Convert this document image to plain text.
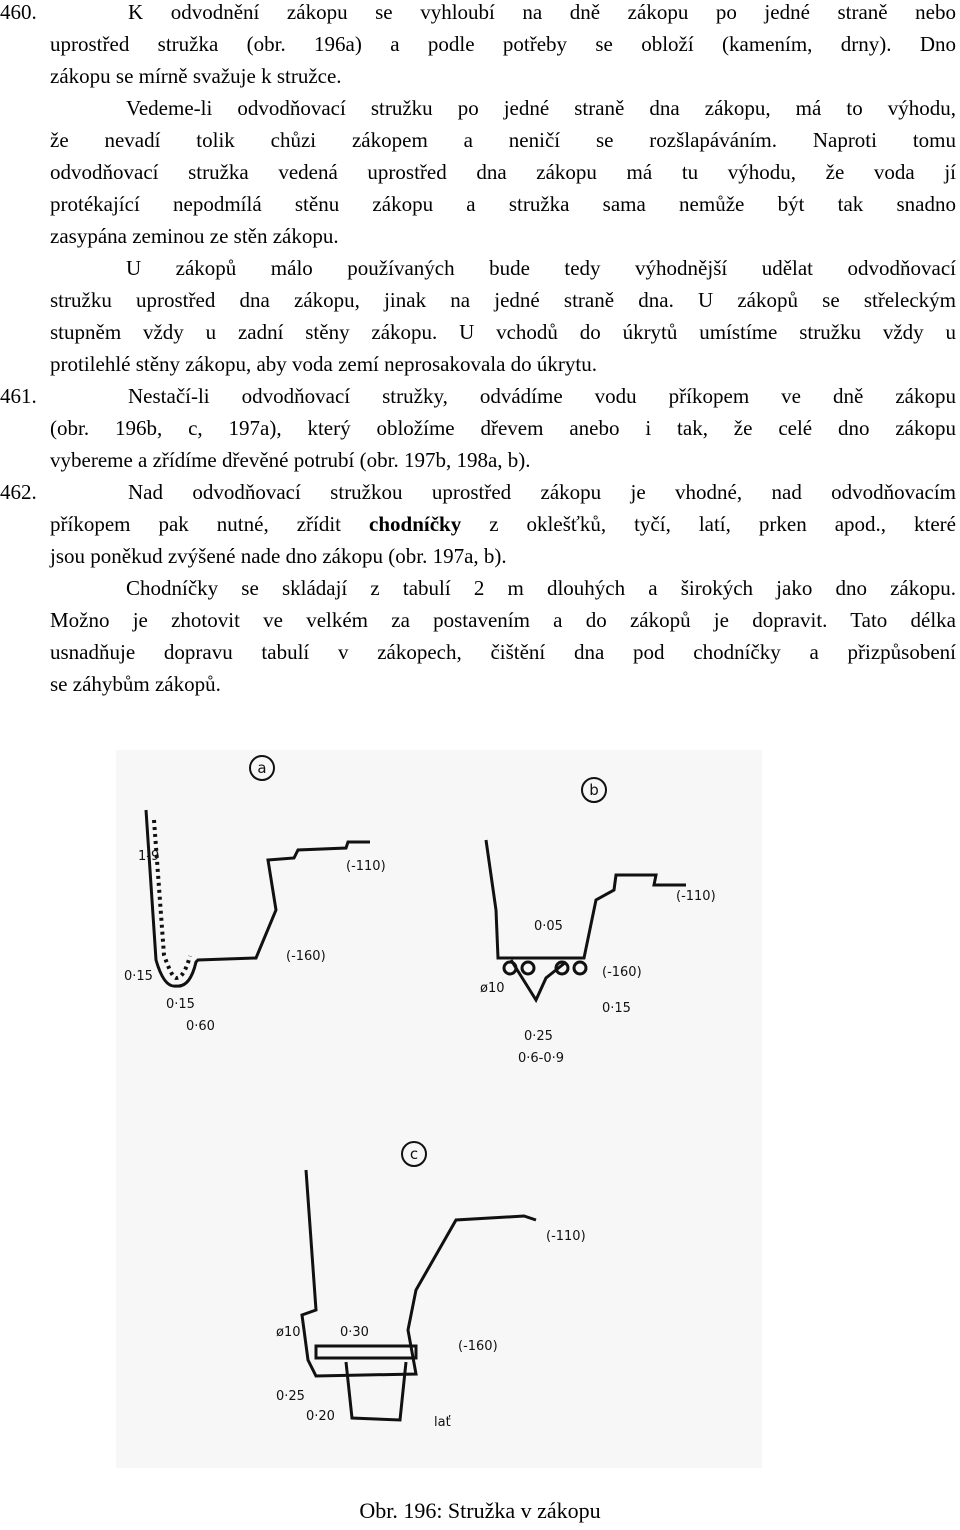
460.	K odvodnění zákopu se vyhloubí na dně zákopu po jedné straně nebo
uprostřed stružka (obr. 196a) a podle potřeby se obloží (kamením, drny). Dno
zákopu se mírně svažuje k stružce.
Vedeme-li odvodňovací stružku po jedné straně dna zákopu, má to výhodu,
že nevadí tolik chůzi zákopem a neničí se rozšlapáváním. Naproti tomu
odvodňovací stružka vedená uprostřed dna zákopu má tu výhodu, že voda jí
protékající nepodmílá stěnu zákopu a stružka sama nemůže být tak snadno
zasypána zeminou ze stěn zákopu.
U zákopů málo používaných bude tedy výhodnější udělat odvodňovací
stružku uprostřed dna zákopu, jinak na jedné straně dna. U zákopů se střeleckým
stupněm vždy u zadní stěny zákopu. U vchodů do úkrytů umístíme stružku vždy u
protilehlé stěny zákopu, aby voda zemí neprosakovala do úkrytu.
461.	Nestačí-li odvodňovací stružky, odvádíme vodu příkopem ve dně zákopu
(obr. 196b, c, 197a), který obložíme dřevem anebo i tak, že celé dno zákopu
vybereme a zřídíme dřevěné potrubí (obr. 197b, 198a, b).
462.	Nad odvodňovací stružkou uprostřed zákopu je vhodné, nad odvodňovacím
příkopem pak nutné, zřídit chodníčky z oklešťků, tyčí, latí, prken apod., které
jsou poněkud zvýšené nade dno zákopu (obr. 197a, b).
Chodníčky se skládají z tabulí 2 m dlouhých a širokých jako dno zákopu.
Možno je zhotovit ve velkém za postavením a do zákopů je dopravit. Tato délka
usnadňuje dopravu tabulí v zákopech, čištění dna pod chodníčky a přizpůsobení
se záhybům zákopů.
a
b
c
1-9
(-110)
(-160)
0·15
0·15
0·60
(-110)
0·05
(-160)
ø10
0·15
0·25
0·6-0·9
(-110)
ø10	0·30
(-160)
0·25
0·20	lať
Obr. 196: Stružka v zákopu
